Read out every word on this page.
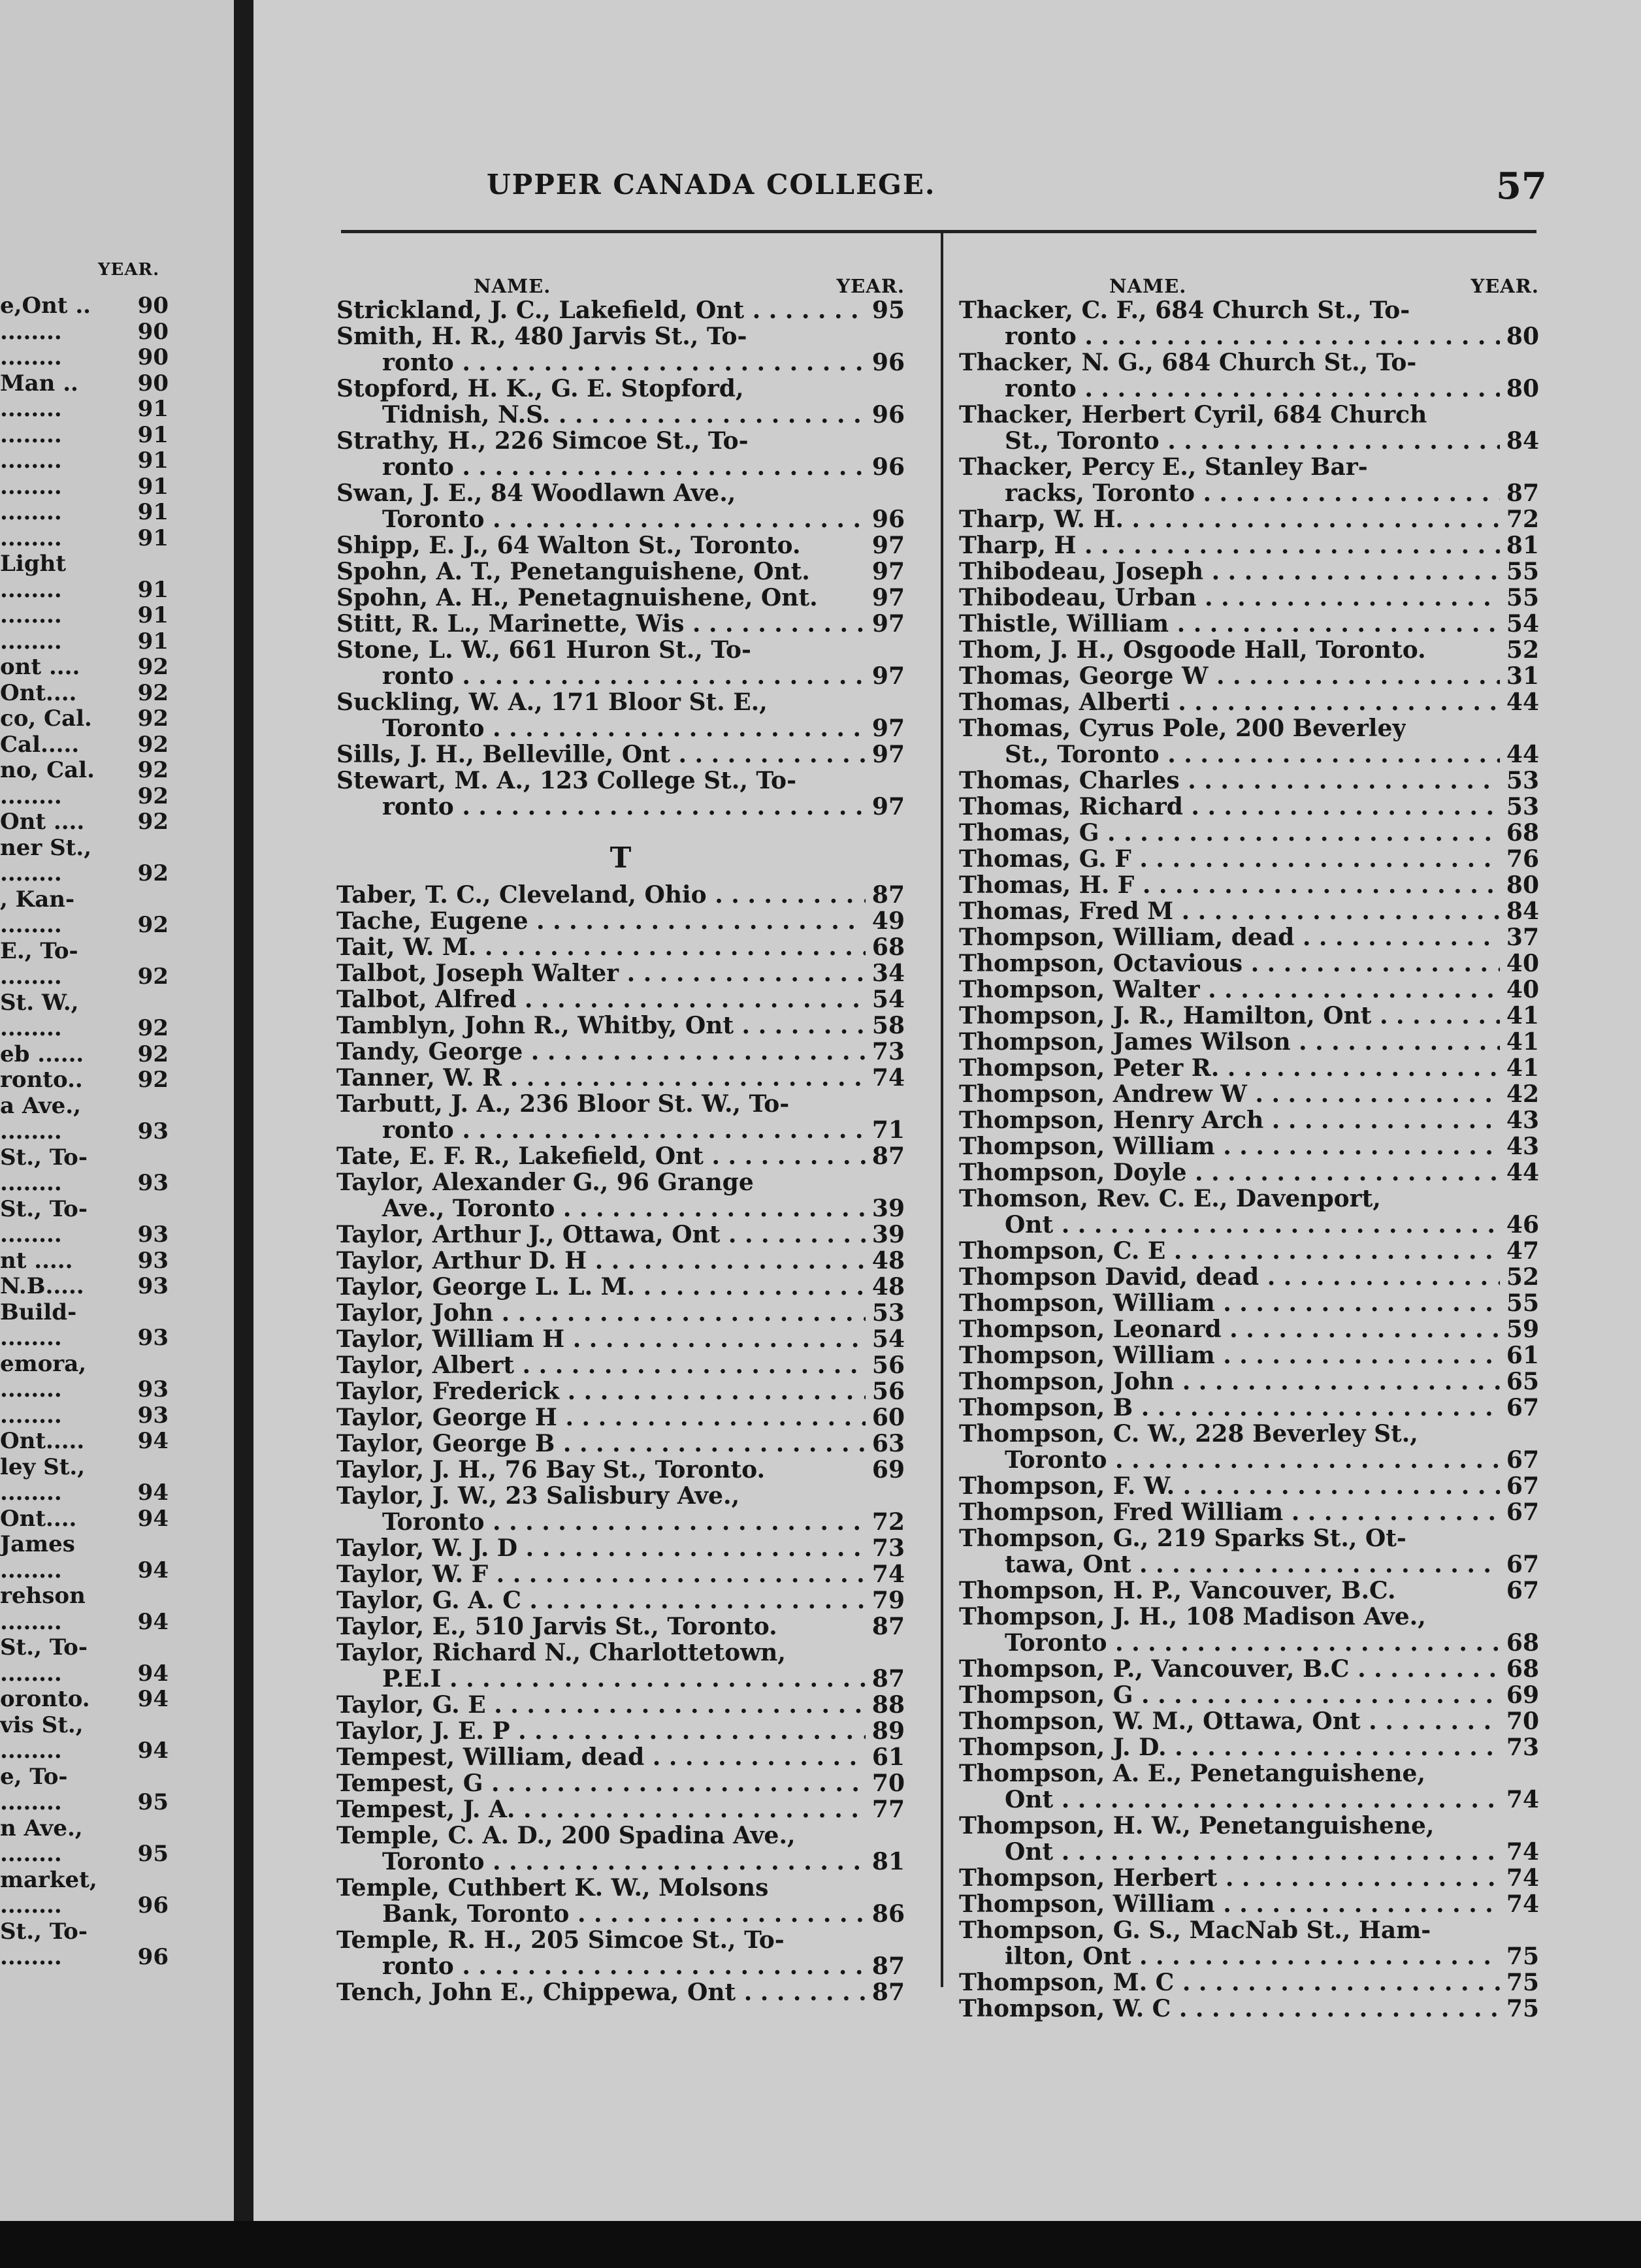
YEAR.
e,Ont .. 90
........	90
........	90
Man ..	90
........	91
........	91
........	91
........	91
........	91
........	91
Light
........	91
........	91
........	91
ont ....	92
Ont....	92
co, Cal. 92
Cal.....	92
no, Cal. 92
........	92
Ont .... 92
ner St.,
........	92
, Kan-
........	92
E., To-
........	92
St. W.,
........	92
eb ...... 92
ronto.. 92
a Ave.,
........	93
St., To-
........	93
St., To-
........	93
nt .....	93
N.B..... 93
Build-
........	93
emora,
........	93
........	93
Ont..... 94
ley St.,
........	94
Ont....	94
James
........	94
rehson
........	94
St., To-
........	94
oronto. 94
vis St.,
........	94
e, To-
........	95
n Ave.,
........	95
market,
........	96
St., To-
........	96
UPPER CANADA COLLEGE.	57
NAME.	YEAR.
Strickland, J. C., Lakefield, Ont . . .	95
Smith, H. R., 480 Jarvis St., To-
ronto . . .	96
Stopford, H. K., G. E. Stopford,
Tidnish, N.S. . . .	96
Strathy, H., 226 Simcoe St., To-
ronto . . .	96
Swan, J. E., 84 Woodlawn Ave.,
Toronto . . .	96
Shipp, E. J., 64 Walton St., Toronto.	97
Spohn, A. T., Penetanguishene, Ont.	97
Spohn, A. H., Penetagnuishene, Ont. 97
Stitt, R. L., Marinette, Wis . . .	97
Stone, L. W., 661 Huron St., To-
ronto . . .	97
Suckling, W. A., 171 Bloor St. E.,
Toronto . . .	97
Sills, J. H., Belleville, Ont . . .	97
Stewart, M. A., 123 College St., To-
ronto . . .	97
T
Taber, T. C., Cleveland, Ohio . . .	87
Tache, Eugene . . .	49
Tait, W. M. . . .	68
Talbot, Joseph Walter . . .	34
Talbot, Alfred . . .	54
Tamblyn, John R., Whitby, Ont . . .	58
Tandy, George . . .	73
Tanner, W. R . . .	74
Tarbutt, J. A., 236 Bloor St. W., To-
ronto . . .	71
Tate, E. F. R., Lakefield, Ont . . .	87
Taylor, Alexander G., 96 Grange
Ave., Toronto . . .	39
Taylor, Arthur J., Ottawa, Ont . . .	39
Taylor, Arthur D. H . . .	48
Taylor, George L. L. M. . . .	48
Taylor, John . . .	53
Taylor, William H . . .	54
Taylor, Albert . . .	56
Taylor, Frederick . . .	56
Taylor, George H . . .	60
Taylor, George B . . .	63
Taylor, J. H., 76 Bay St., Toronto.	69
Taylor, J. W., 23 Salisbury Ave.,
Toronto . . .	72
Taylor, W. J. D . . .	73
Taylor, W. F . . .	74
Taylor, G. A. C . . .	79
Taylor, E., 510 Jarvis St., Toronto.	87
Taylor, Richard N., Charlottetown,
P.E.I . . .	87
Taylor, G. E . . .	88
Taylor, J. E. P . . .	89
Tempest, William, dead . . .	61
Tempest, G . . .	70
Tempest, J. A. . . .	77
Temple, C. A. D., 200 Spadina Ave.,
Toronto . . .	81
Temple, Cuthbert K. W., Molsons
Bank, Toronto . . .	86
Temple, R. H., 205 Simcoe St., To-
ronto . . .	87
Tench, John E., Chippewa, Ont . . .	87
NAME.	YEAR.
Thacker, C. F., 684 Church St., To-
ronto . . .	80
Thacker, N. G., 684 Church St., To-
ronto . . .	80
Thacker, Herbert Cyril, 684 Church
St., Toronto . . .	84
Thacker, Percy E., Stanley Bar-
racks, Toronto . . .	87
Tharp, W. H. . . .	72
Tharp, H . . .	81
Thibodeau, Joseph . . .	55
Thibodeau, Urban . . .	55
Thistle, William . . .	54
Thom, J. H., Osgoode Hall, Toronto.	52
Thomas, George W . . .	31
Thomas, Alberti . . .	44
Thomas, Cyrus Pole, 200 Beverley
St., Toronto . . .	44
Thomas, Charles . . .	53
Thomas, Richard . . .	53
Thomas, G . . .	68
Thomas, G. F . . .	76
Thomas, H. F . . .	80
Thomas, Fred M . . .	84
Thompson, William, dead . . .	37
Thompson, Octavious . . .	40
Thompson, Walter . . .	40
Thompson, J. R., Hamilton, Ont . . .	41
Thompson, James Wilson . . .	41
Thompson, Peter R. . . .	41
Thompson, Andrew W . . .	42
Thompson, Henry Arch . . .	43
Thompson, William . . .	43
Thompson, Doyle . . .	44
Thomson, Rev. C. E., Davenport,
Ont . . .	46
Thompson, C. E . . .	47
Thompson David, dead . . .	52
Thompson, William . . .	55
Thompson, Leonard . . .	59
Thompson, William . . .	61
Thompson, John . . .	65
Thompson, B . . .	67
Thompson, C. W., 228 Beverley St.,
Toronto . . .	67
Thompson, F. W. . . .	67
Thompson, Fred William . . .	67
Thompson, G., 219 Sparks St., Ot-
tawa, Ont . . .	67
Thompson, H. P., Vancouver, B.C.	67
Thompson, J. H., 108 Madison Ave.,
Toronto . . .	68
Thompson, P., Vancouver, B.C . . .	68
Thompson, G . . .	69
Thompson, W. M., Ottawa, Ont . . .	70
Thompson, J. D. . . .	73
Thompson, A. E., Penetanguishene,
Ont . . .	74
Thompson, H. W., Penetanguishene,
Ont . . .	74
Thompson, Herbert . . .	74
Thompson, William . . .	74
Thompson, G. S., MacNab St., Ham-
ilton, Ont . . .	75
Thompson, M. C . . .	75
Thompson, W. C . . .	75
